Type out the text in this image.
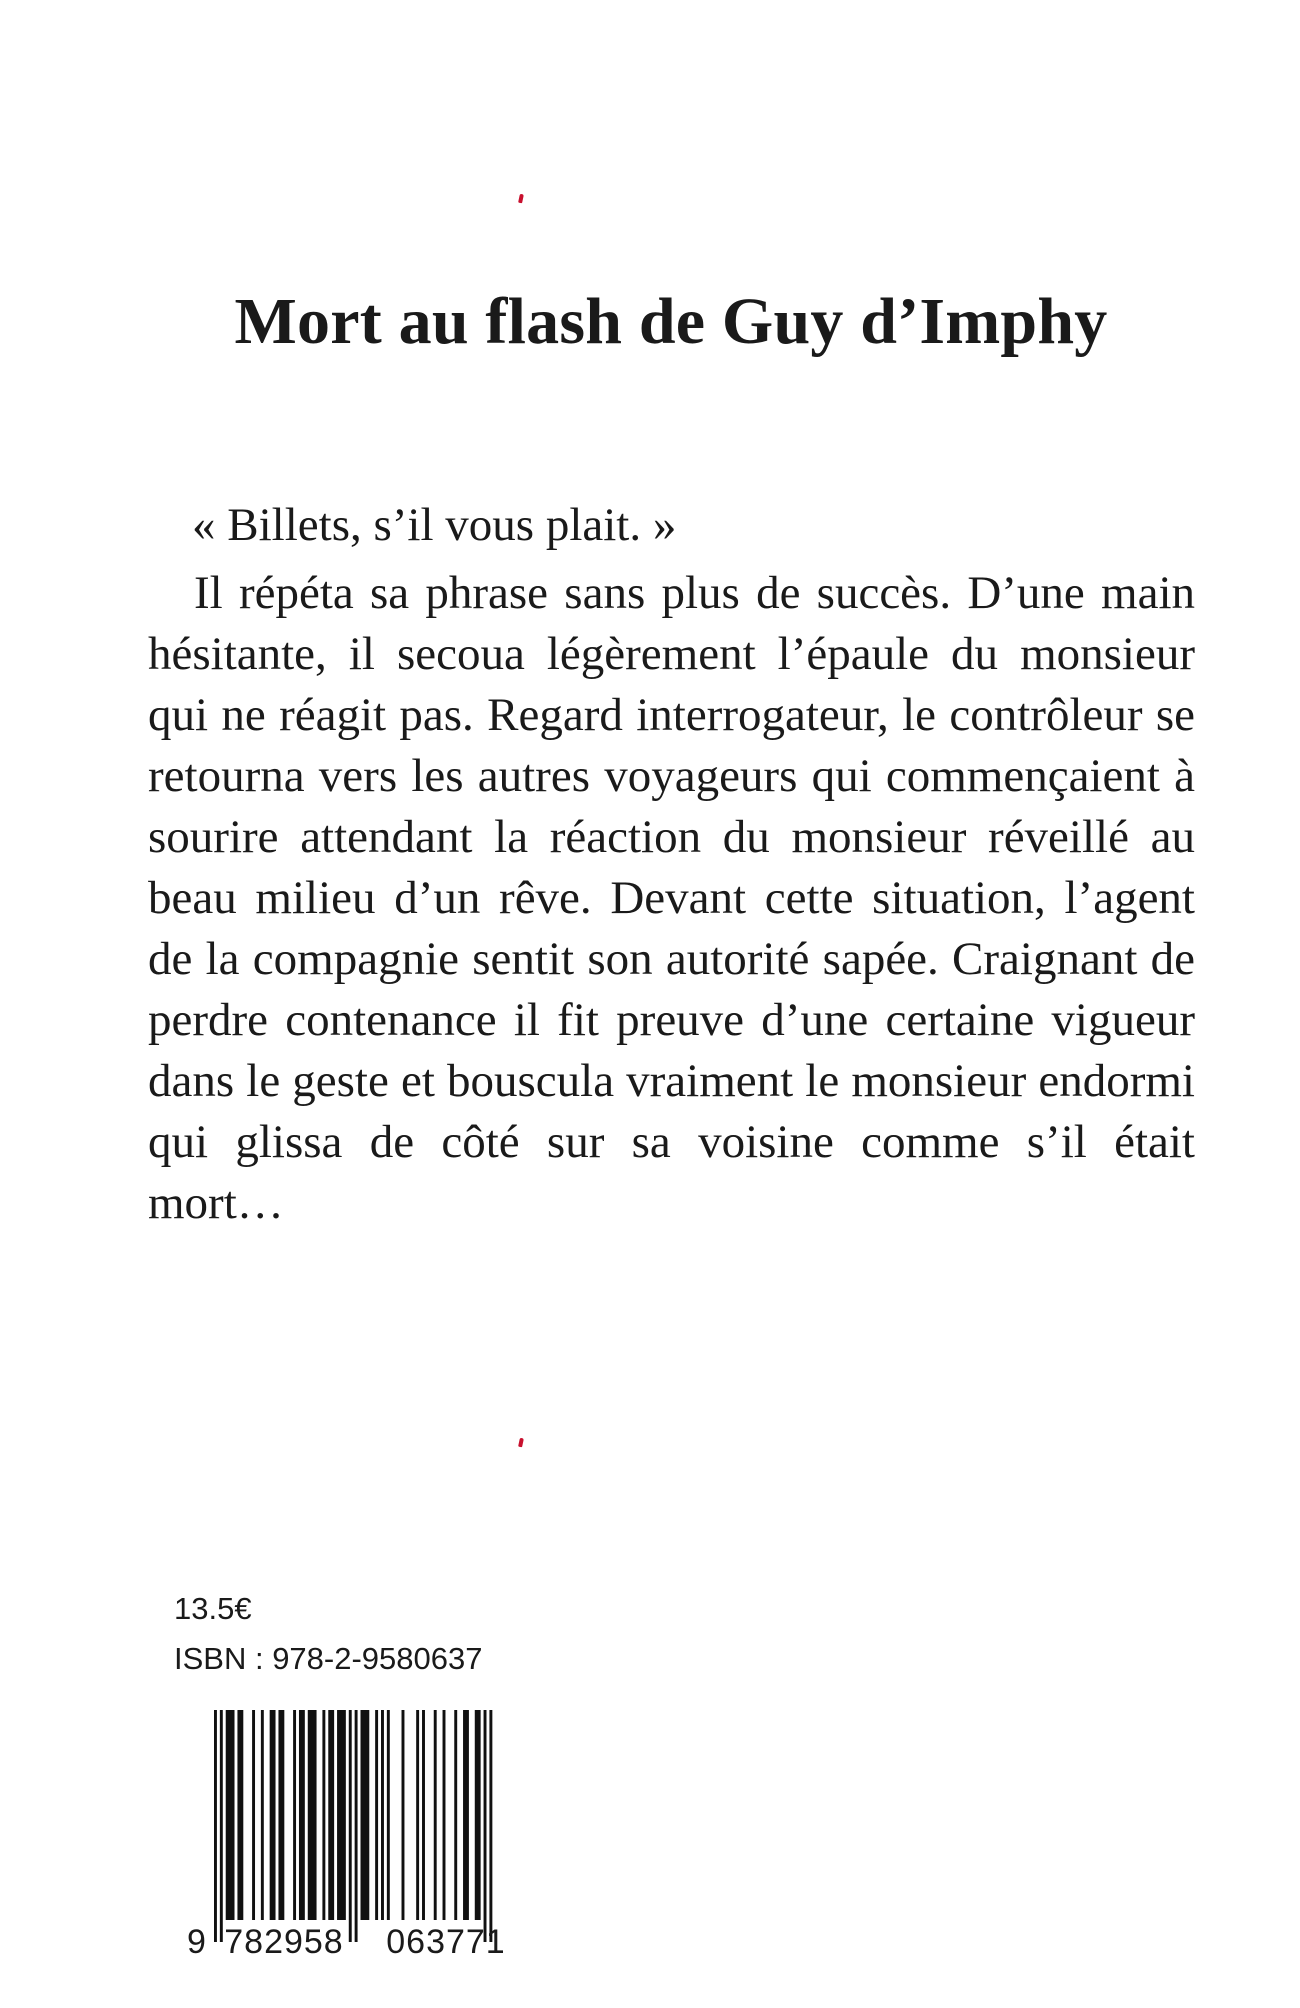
Mort au flash de Guy d’Imphy

« Billets, s’il vous plait. »

Il répéta sa phrase sans plus de succès. D’une main hésitante, il secoua légèrement l’épaule du monsieur qui ne réagit pas. Regard interrogateur, le contrôleur se retourna vers les autres voyageurs qui commençaient à sourire attendant la réaction du monsieur réveillé au beau milieu d’un rêve. Devant cette situation, l’agent de la compagnie sentit son autorité sapée. Craignant de perdre contenance il fit preuve d’une certaine vigueur dans le geste et bouscula vraiment le monsieur endormi qui glissa de côté sur sa voisine comme s’il était mort…

13.5€
ISBN : 978-2-9580637
9 782958 063771
